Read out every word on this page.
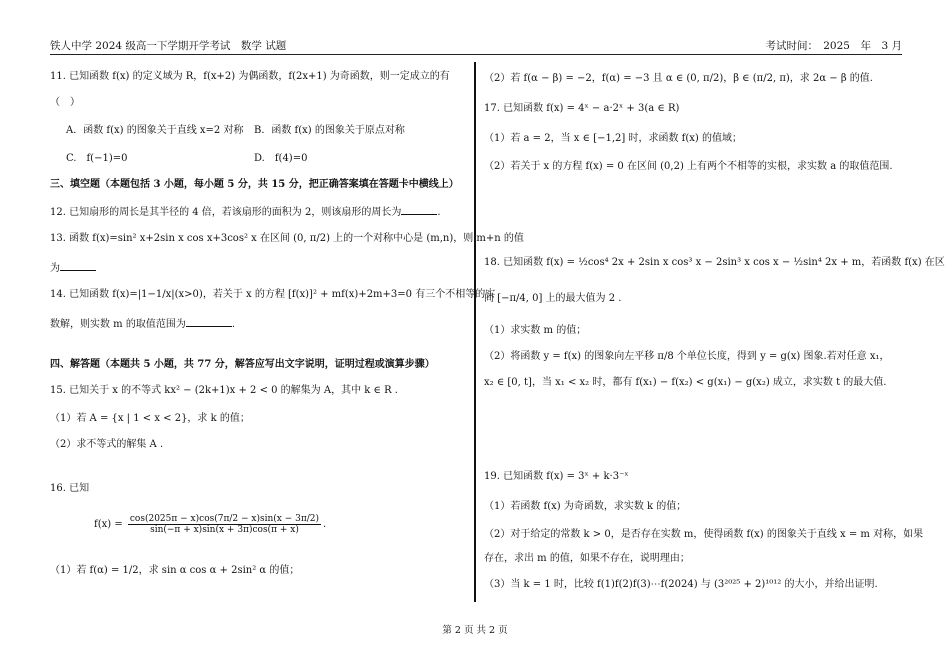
铁人中学 2024 级高一下学期开学考试　数学 试题	考试时间：　2025　年　3 月
11. 已知函数 f(x) 的定义域为 R，f(x+2) 为偶函数，f(2x+1) 为奇函数，则一定成立的有
（　）
A．函数 f(x) 的图象关于直线 x=2 对称 B．函数 f(x) 的图象关于原点对称
C.　f(−1)=0	D.　f(4)=0
三、填空题（本题包括 3 小题，每小题 5 分，共 15 分，把正确答案填在答题卡中横线上）
12. 已知扇形的周长是其半径的 4 倍，若该扇形的面积为 2，则该扇形的周长为	.
13. 函数 f(x)=sin² x+2sin x cos x+3cos² x 在区间 (0, π/2) 上的一个对称中心是 (m,n)，则 m+n 的值
为
14. 已知函数 f(x)=|1−1/x|(x>0)，若关于 x 的方程 [f(x)]² + mf(x)+2m+3=0 有三个不相等的实
数解，则实数 m 的取值范围为	.
四、解答题（本题共 5 小题，共 77 分，解答应写出文字说明，证明过程或演算步骤）
15. 已知关于 x 的不等式 kx² − (2k+1)x + 2 < 0 的解集为 A，其中 k ∈ R .
（1）若 A = {x | 1 < x < 2}，求 k 的值；
（2）求不等式的解集 A .
16. 已知
$f(x) = \frac{\cos(2025\pi - x)\cos(7\pi/2 - x)\sin(x - 3\pi/2)}{\sin(-\pi + x)\sin(x + 3\pi)\cos(\pi + x)}$ .
（1）若 f(α) = 1/2，求 sin α cos α + 2sin² α 的值；
（2）若 f(α − β) = −2，f(α) = −3 且 α ∈ (0, π/2)，β ∈ (π/2, π)，求 2α − β 的值.
17. 已知函数 f(x) = 4ˣ − a·2ˣ + 3(a ∈ R)
（1）若 a = 2，当 x ∈ [−1,2] 时，求函数 f(x) 的值域；
（2）若关于 x 的方程 f(x) = 0 在区间 (0,2) 上有两个不相等的实根，求实数 a 的取值范围.
18. 已知函数 f(x) = ½cos⁴ 2x + 2sin x cos³ x − 2sin³ x cos x − ½sin⁴ 2x + m，若函数 f(x) 在区
间 [−π/4, 0] 上的最大值为 2 .
（1）求实数 m 的值；
（2）将函数 y = f(x) 的图象向左平移 π/8 个单位长度，得到 y = g(x) 图象.若对任意 x₁，
x₂ ∈ [0, t]，当 x₁ < x₂ 时，都有 f(x₁) − f(x₂) < g(x₁) − g(x₂) 成立，求实数 t 的最大值.
19. 已知函数 f(x) = 3ˣ + k·3⁻ˣ
（1）若函数 f(x) 为奇函数，求实数 k 的值；
（2）对于给定的常数 k > 0，是否存在实数 m，使得函数 f(x) 的图象关于直线 x = m 对称，如果
存在，求出 m 的值，如果不存在，说明理由；
（3）当 k = 1 时，比较 f(1)f(2)f(3)⋯f(2024) 与 (3²⁰²⁵ + 2)¹⁰¹² 的大小，并给出证明.
第 2 页 共 2 页
